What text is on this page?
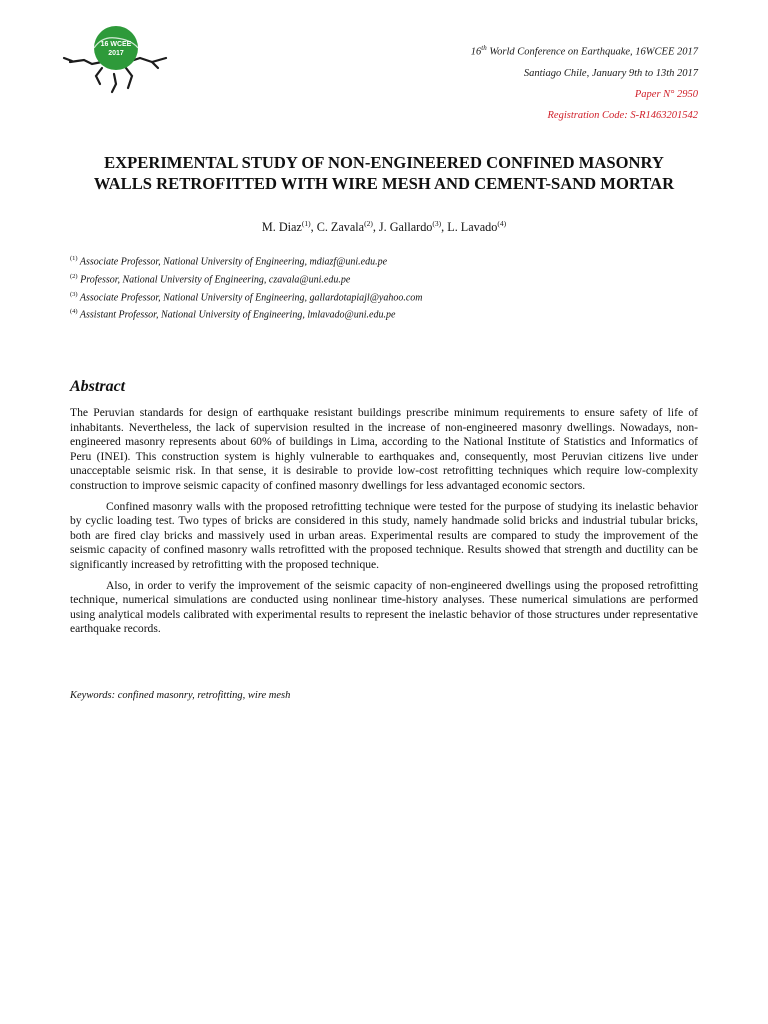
16 WCEE
2017	16th World Conference on Earthquake, 16WCEE 2017
Santiago Chile, January 9th to 13th 2017
Paper N° 2950
Registration Code: S-R1463201542
EXPERIMENTAL STUDY OF NON-ENGINEERED CONFINED MASONRY
WALLS RETROFITTED WITH WIRE MESH AND CEMENT-SAND MORTAR
M. Diaz$^{(1)}$, C. Zavala$^{(2)}$, J. Gallardo$^{(3)}$, L. Lavado$^{(4)}$
$^{(1)}$ Associate Professor, National University of Engineering, mdiazf@uni.edu.pe
$^{(2)}$ Professor, National University of Engineering, czavala@uni.edu.pe
$^{(3)}$ Associate Professor, National University of Engineering, gallardotapiajl@yahoo.com
$^{(4)}$ Assistant Professor, National University of Engineering, lmlavado@uni.edu.pe
Abstract

The Peruvian standards for design of earthquake resistant buildings prescribe minimum requirements to ensure safety of life of inhabitants. Nevertheless, the lack of supervision resulted in the increase of non-engineered masonry dwellings. Nowadays, non-engineered masonry represents about 60% of buildings in Lima, according to the National Institute of Statistics and Informatics of Peru (INEI). This construction system is highly vulnerable to earthquakes and, consequently, most Peruvian citizens live under unacceptable seismic risk. In that sense, it is desirable to provide low-cost retrofitting techniques which require low-complexity construction to improve seismic capacity of confined masonry dwellings for less advantaged economic sectors.

Confined masonry walls with the proposed retrofitting technique were tested for the purpose of studying its inelastic behavior by cyclic loading test. Two types of bricks are considered in this study, namely handmade solid bricks and industrial tubular bricks, both are fired clay bricks and massively used in urban areas. Experimental results are compared to study the improvement of the seismic capacity of confined masonry walls retrofitted with the proposed technique. Results showed that strength and ductility can be significantly increased by retrofitting with the proposed technique.

Also, in order to verify the improvement of the seismic capacity of non-engineered dwellings using the proposed retrofitting technique, numerical simulations are conducted using nonlinear time-history analyses. These numerical simulations are performed using analytical models calibrated with experimental results to represent the inelastic behavior of those structures under representative earthquake records.

Keywords: confined masonry, retrofitting, wire mesh
